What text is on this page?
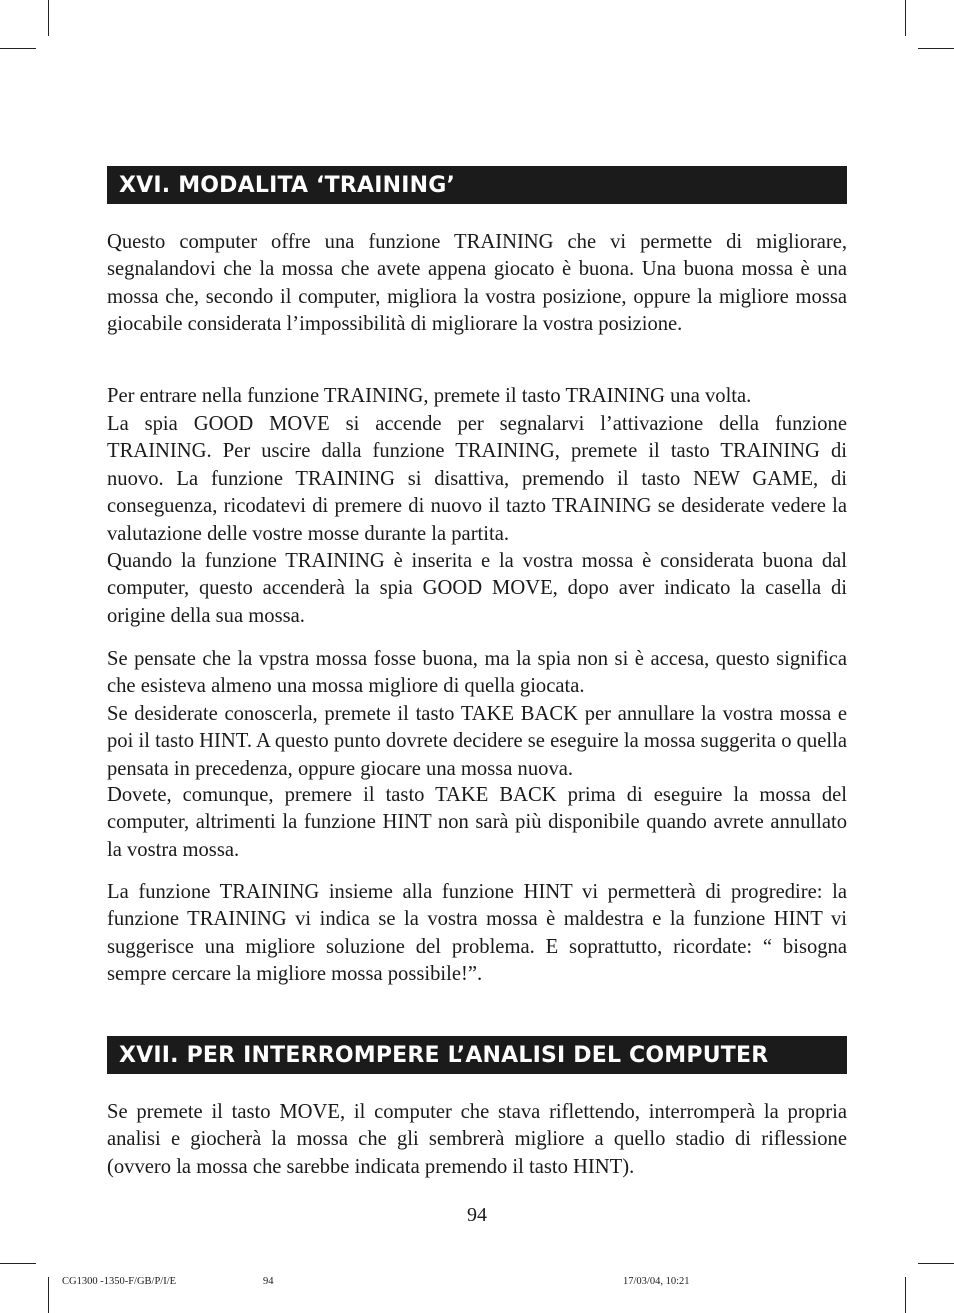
XVI. MODALITA ‘TRAINING’

Questo computer offre una funzione TRAINING che vi permette di migliorare, segnalandovi che la mossa che avete appena giocato è buona. Una buona mossa è una mossa che, secondo il computer, migliora la vostra posizione, oppure la migliore mossa giocabile considerata l’impossibilità di migliorare la vostra posizione.

Per entrare nella funzione TRAINING, premete il tasto TRAINING una volta.

La spia GOOD MOVE si accende per segnalarvi l’attivazione della funzione TRAINING. Per uscire dalla funzione TRAINING, premete il tasto TRAINING di nuovo. La funzione TRAINING si disattiva, premendo il tasto NEW GAME, di conseguenza, ricodatevi di premere di nuovo il tazto TRAINING se desiderate vedere la valutazione delle vostre mosse durante la partita.

Quando la funzione TRAINING è inserita e la vostra mossa è considerata buona dal computer, questo accenderà la spia GOOD MOVE, dopo aver indicato la casella di origine della sua mossa.

Se pensate che la vpstra mossa fosse buona, ma la spia non si è accesa, questo significa che esisteva almeno una mossa migliore di quella giocata.

Se desiderate conoscerla, premete il tasto TAKE BACK per annullare la vostra mossa e poi il tasto HINT. A questo punto dovrete decidere se eseguire la mossa suggerita o quella pensata in precedenza, oppure giocare una mossa nuova.

Dovete, comunque, premere il tasto TAKE BACK prima di eseguire la mossa del computer, altrimenti la funzione HINT non sarà più disponibile quando avrete annullato la vostra mossa.

La funzione TRAINING insieme alla funzione HINT vi permetterà di progredire: la funzione TRAINING vi indica se la vostra mossa è maldestra e la funzione HINT vi suggerisce una migliore soluzione del problema. E soprattutto, ricordate: “ bisogna sempre cercare la migliore mossa possibile!”.

XVII. PER INTERROMPERE L’ANALISI DEL COMPUTER

Se premete il tasto MOVE, il computer che stava riflettendo, interromperà la propria analisi e giocherà la mossa che gli sembrerà migliore a quello stadio di riflessione (ovvero la mossa che sarebbe indicata premendo il tasto HINT).

94
CG1300 -1350-F/GB/P/I/E	94	17/03/04, 10:21
